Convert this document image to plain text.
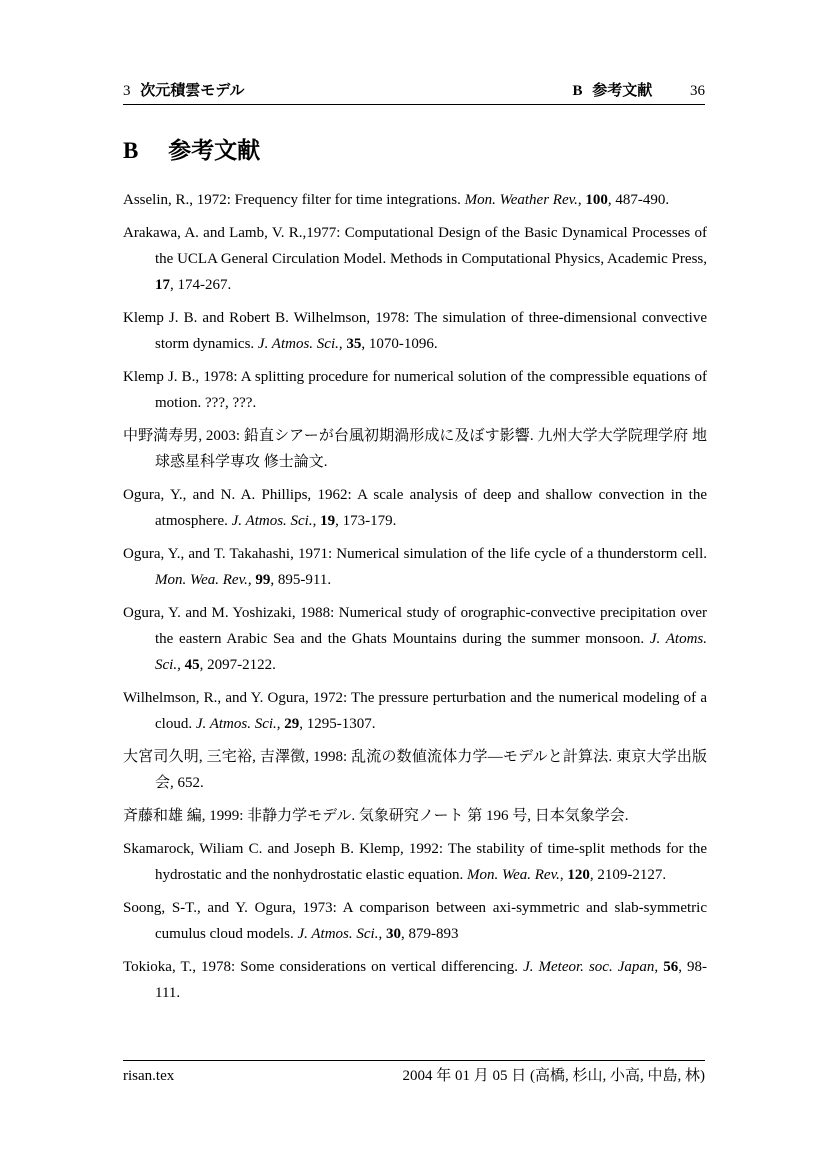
3 次元積雲モデル	B 参考文献	36
B 参考文献

Asselin, R., 1972: Frequency filter for time integrations. Mon. Weather Rev., 100, 487-490.

Arakawa, A. and Lamb, V. R.,1977: Computational Design of the Basic Dynamical Processes of the UCLA General Circulation Model. Methods in Computational Physics, Academic Press, 17, 174-267.

Klemp J. B. and Robert B. Wilhelmson, 1978: The simulation of three-dimensional convective storm dynamics. J. Atmos. Sci., 35, 1070-1096.

Klemp J. B., 1978: A splitting procedure for numerical solution of the compressible equations of motion. ???, ???.

中野満寿男, 2003: 鉛直シアーが台風初期渦形成に及ぼす影響. 九州大学大学院理学府 地球惑星科学専攻 修士論文.

Ogura, Y., and N. A. Phillips, 1962: A scale analysis of deep and shallow convection in the atmosphere. J. Atmos. Sci., 19, 173-179.

Ogura, Y., and T. Takahashi, 1971: Numerical simulation of the life cycle of a thunderstorm cell. Mon. Wea. Rev., 99, 895-911.

Ogura, Y. and M. Yoshizaki, 1988: Numerical study of orographic-convective precipitation over the eastern Arabic Sea and the Ghats Mountains during the summer monsoon. J. Atoms. Sci., 45, 2097-2122.

Wilhelmson, R., and Y. Ogura, 1972: The pressure perturbation and the numerical modeling of a cloud. J. Atmos. Sci., 29, 1295-1307.

大宮司久明, 三宅裕, 吉澤徴, 1998: 乱流の数値流体力学—モデルと計算法. 東京大学出版会, 652.

斉藤和雄 編, 1999: 非静力学モデル. 気象研究ノート 第 196 号, 日本気象学会.

Skamarock, Wiliam C. and Joseph B. Klemp, 1992: The stability of time-split methods for the hydrostatic and the nonhydrostatic elastic equation. Mon. Wea. Rev., 120, 2109-2127.

Soong, S-T., and Y. Ogura, 1973: A comparison between axi-symmetric and slab-symmetric cumulus cloud models. J. Atmos. Sci., 30, 879-893

Tokioka, T., 1978: Some considerations on vertical differencing. J. Meteor. soc. Japan, 56, 98-111.

risan.tex	2004 年 01 月 05 日 (高橋, 杉山, 小高, 中島, 林)
